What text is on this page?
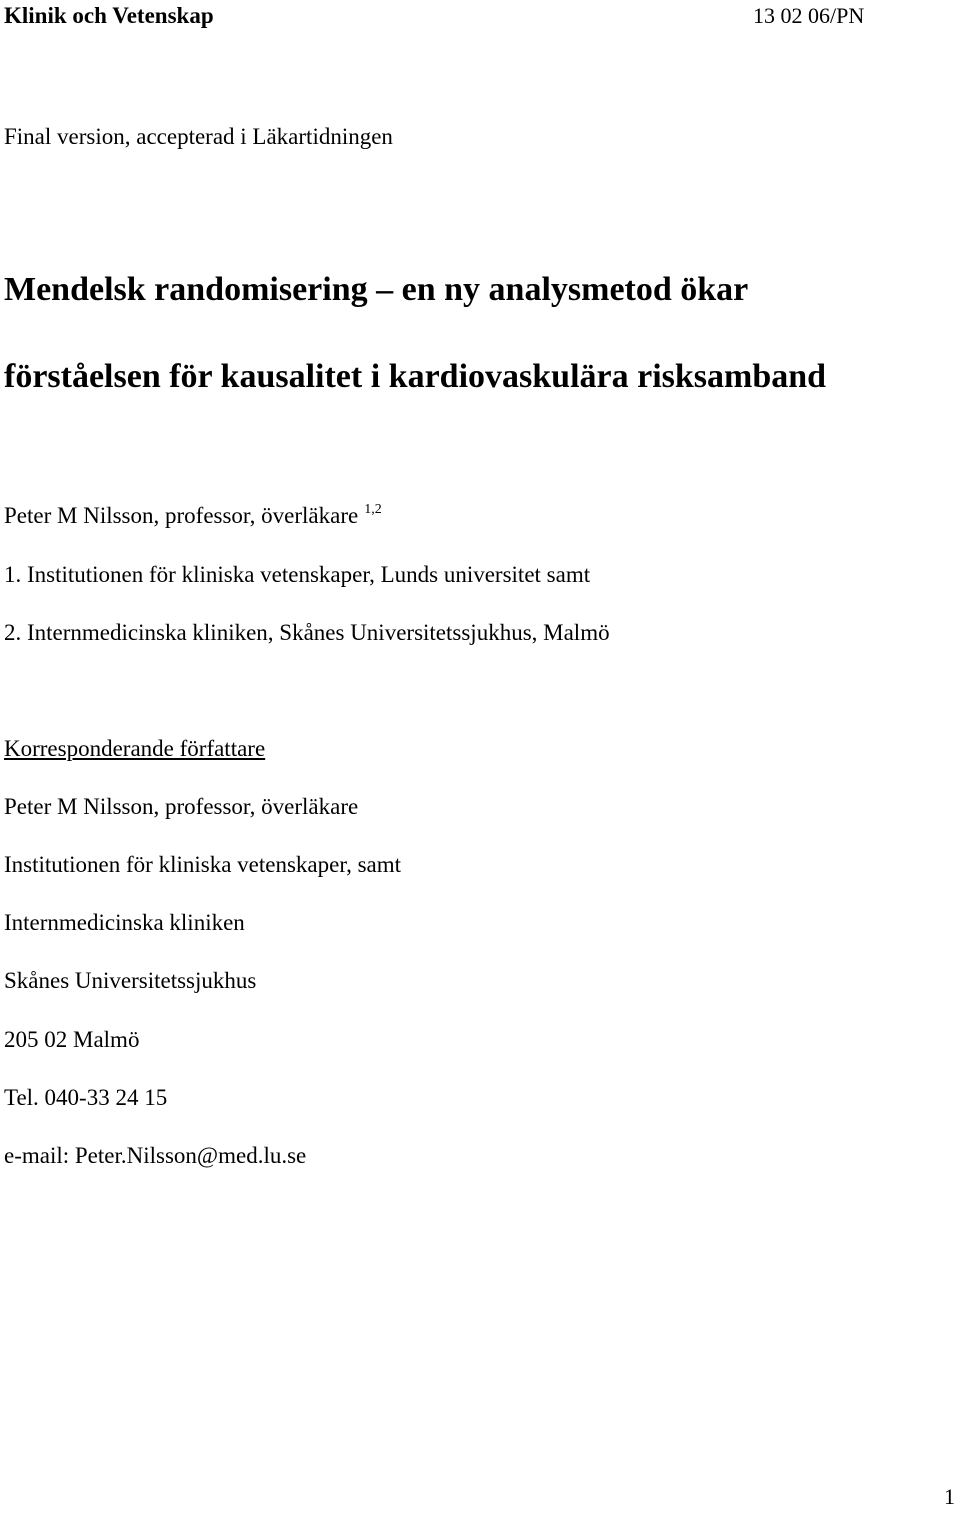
Klinik och Vetenskap	13 02 06/PN
Final version, accepterad i Läkartidningen
Mendelsk randomisering – en ny analysmetod ökar
förståelsen för kausalitet i kardiovaskulära risksamband
Peter M Nilsson, professor, överläkare $^{1,2}$
1. Institutionen för kliniska vetenskaper, Lunds universitet samt
2. Internmedicinska kliniken, Skånes Universitetssjukhus, Malmö
Korresponderande författare
Peter M Nilsson, professor, överläkare
Institutionen för kliniska vetenskaper, samt
Internmedicinska kliniken
Skånes Universitetssjukhus
205 02 Malmö
Tel. 040-33 24 15
e-mail: Peter.Nilsson@med.lu.se
1
